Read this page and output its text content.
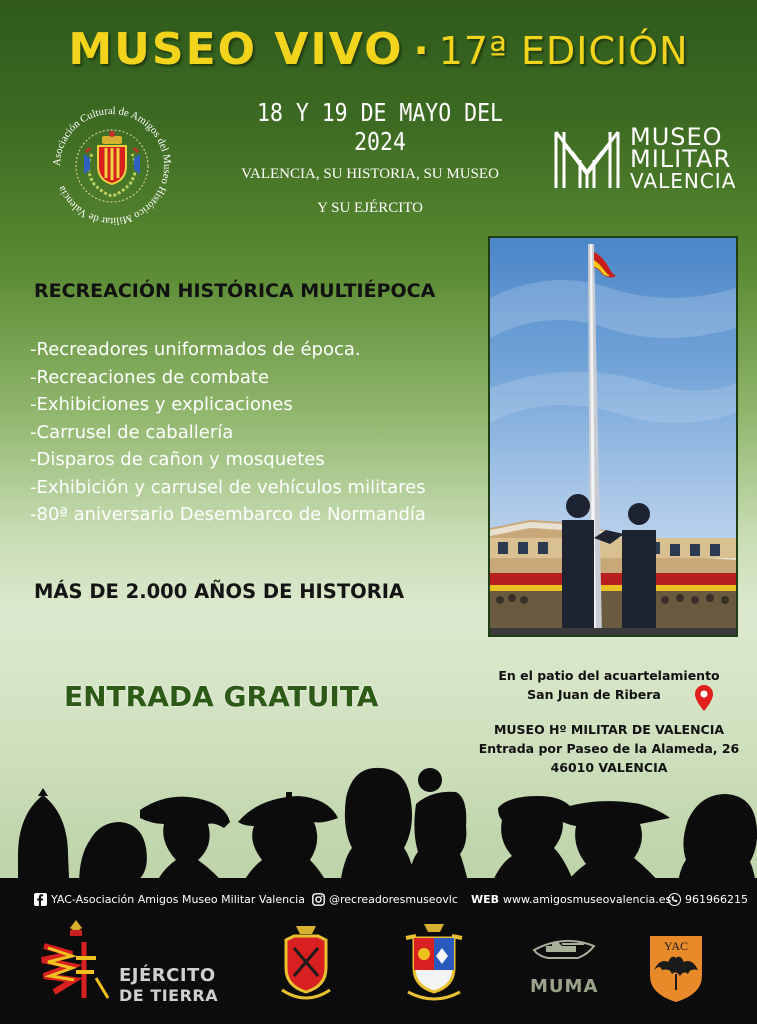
MUSEO VIVO · 17ª EDICIÓN
18 Y 19 DE MAYO DEL 2024
VALENCIA, SU HISTORIA, SU MUSEO
Y SU EJÉRCITO
Asociación Cultural de Amigos del Museo Histórico Militar de Valencia
MUSEO
MILITAR
VALENCIA
RECREACIÓN HISTÓRICA MULTIÉPOCA
-Recreadores uniformados de época.
-Recreaciones de combate
-Exhibiciones y explicaciones
-Carrusel de caballería
-Disparos de cañon y mosquetes
-Exhibición y carrusel de vehículos militares
-80ª aniversario Desembarco de Normandía
MÁS DE 2.000 AÑOS DE HISTORIA
ENTRADA GRATUITA
En el patio del acuartelamiento
San Juan de Ribera
MUSEO Hº MILITAR DE VALENCIA
Entrada por Paseo de la Alameda, 26
46010 VALENCIA
YAC-Asociación Amigos Museo Militar Valencia @recreadoresmuseovlc WEB www.amigosmuseovalencia.es 961966215
EJÉRCITO
DE TIERRA	MUMA
YAC
